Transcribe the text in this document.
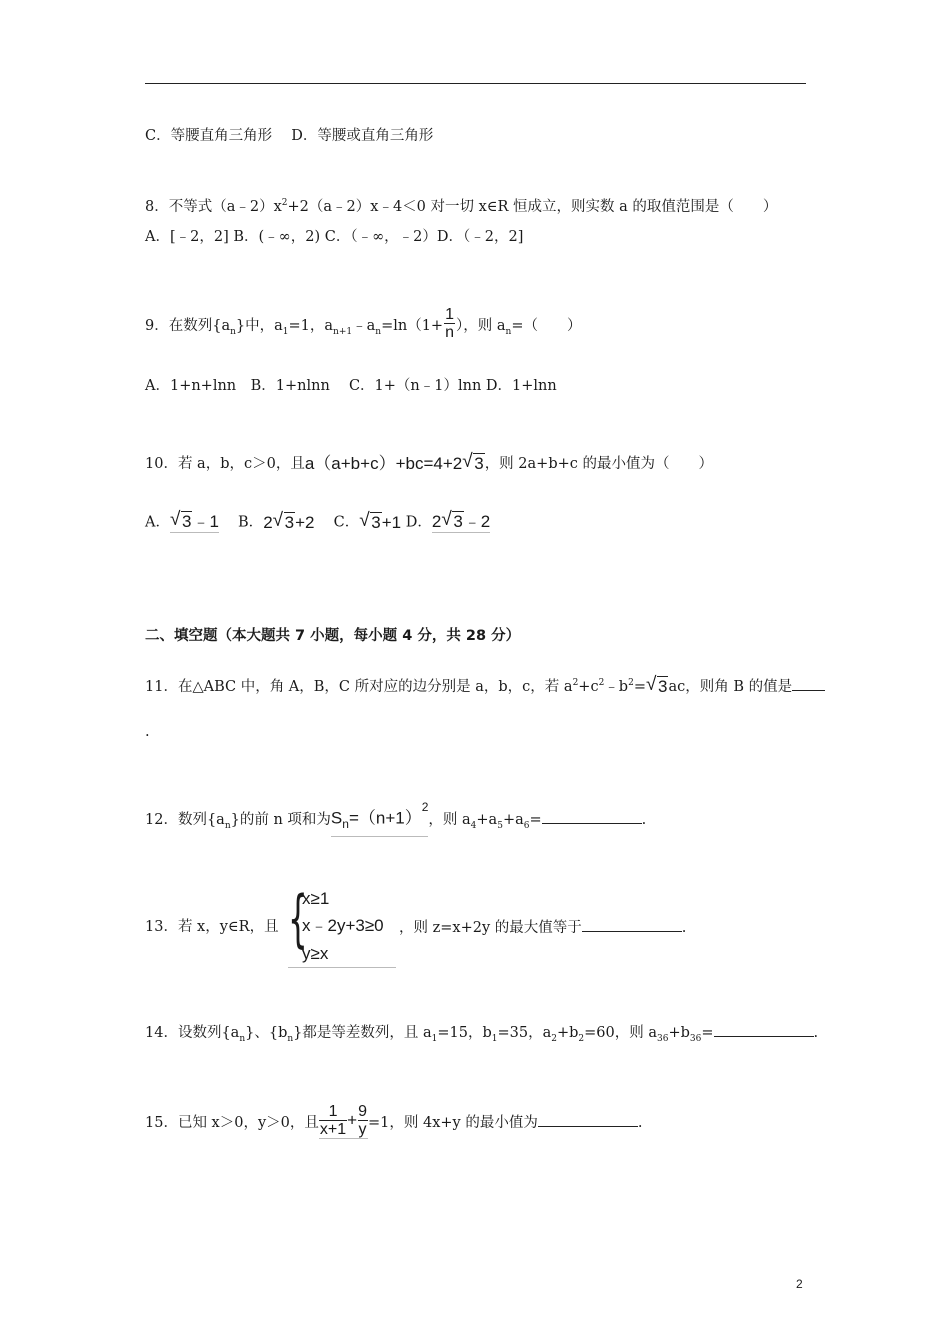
C．等腰直角三角形　 D．等腰或直角三角形
8．不等式$(a﹣2)x^2+2(a﹣2)x﹣4<0$ 对一切 x∈R 恒成立，则实数 a 的取值范围是（　　）
A．[﹣2，2] B．(﹣∞，2) C．（﹣∞，﹣2）D．（﹣2，2]
9．在数列$\{a_n\}$中，$a_1=1$，$a_{n+1}﹣a_n=\ln(1+ \frac{1}{n}$ ），则 $a_n=$（　　）
A．1+n+lnn　B．1+nlnn　 C．1+（n﹣1）lnn D．1+lnn
10．若 a，b，c＞0，且a（a+b+c）+bc=4+2√ 3，则 2a+b+c 的最小值为（　　）
A．√ 3﹣1 　B．2√ 3+2 　C．√ 3+1 D．2√ 3﹣2
二、填空题（本大题共 7 小题，每小题 4 分，共 28 分）
11．在△ABC 中，角 A，B，C 所对应的边分别是 a，b，c，若 $a^2+c^2﹣b^2=√$ 3ac，则角 B 的值是
.
12．数列$\{a_n\}$的前 n 项和为$S_n=(n+1)^2$，则 $a_4+a_5+a_6=$	.
13．若 x，y∈R，且 {
x≥1
x﹣2y+3≥0
y≥x
，则 z=x+2y 的最大值等于	.
14．设数列$\{a_n\}$、$\{b_n\}$都是等差数列，且 $a_1=15$，$b_1=35$，$a_2+b_2=60$，则 $a_{36}+b_{36}=$	.
15．已知 x＞0，y＞0，且 $\frac{1}{x+1} + \frac{9}{y} =1$，则 4x+y 的最小值为	.
2
